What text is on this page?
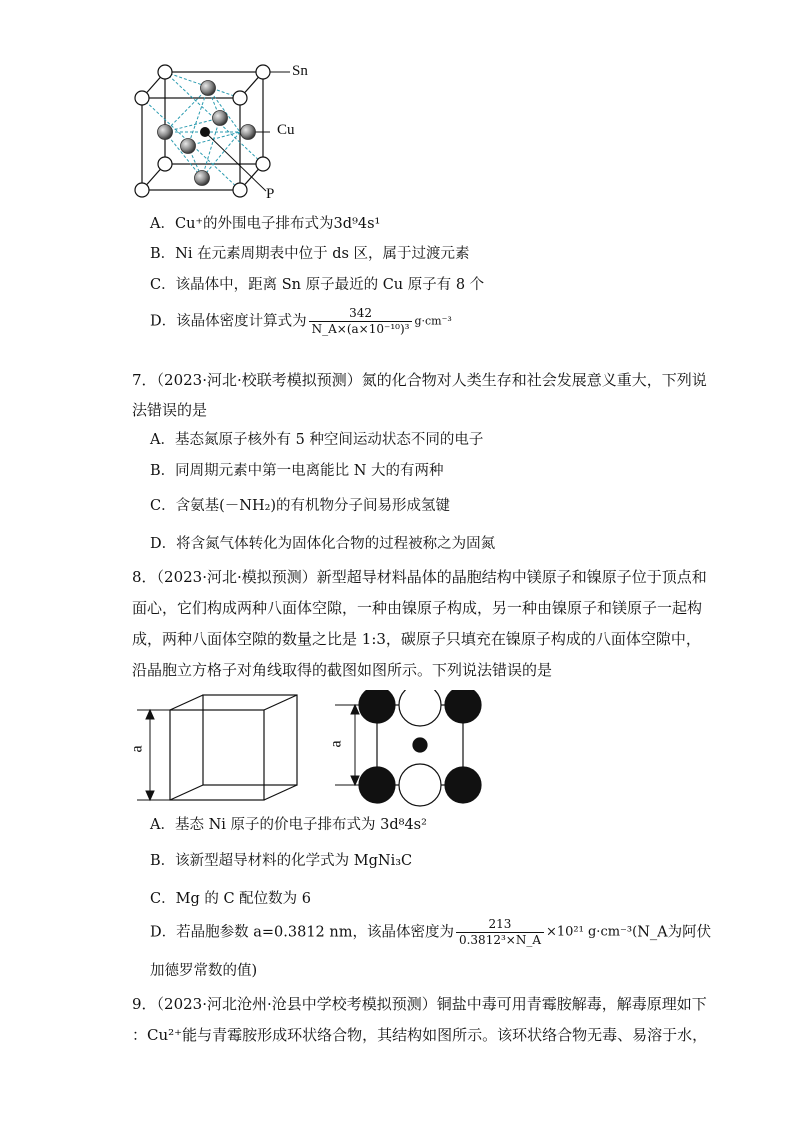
Sn
Cu
P
A．Cu⁺的外围电子排布式为3d⁹4s¹
B．Ni 在元素周期表中位于 ds 区，属于过渡元素
C．该晶体中，距离 Sn 原子最近的 Cu 原子有 8 个
D．该晶体密度计算式为 $\frac{342}{\text{N\_A×(a×10⁻¹⁰)³}} g\cdot cm^{-3}$
7．（2023·河北·校联考模拟预测）氮的化合物对人类生存和社会发展意义重大，下列说
法错误的是
A．基态氮原子核外有 5 种空间运动状态不同的电子
B．同周期元素中第一电离能比 N 大的有两种
C．含氨基(－NH₂)的有机物分子间易形成氢键
D．将含氮气体转化为固体化合物的过程被称之为固氮
8．（2023·河北·模拟预测）新型超导材料晶体的晶胞结构中镁原子和镍原子位于顶点和
面心，它们构成两种八面体空隙，一种由镍原子构成，另一种由镍原子和镁原子一起构
成，两种八面体空隙的数量之比是 1:3，碳原子只填充在镍原子构成的八面体空隙中，
沿晶胞立方格子对角线取得的截图如图所示。下列说法错误的是
a
a
A．基态 Ni 原子的价电子排布式为 3d⁸4s²
B．该新型超导材料的化学式为 MgNi₃C
C．Mg 的 C 配位数为 6
D．若晶胞参数 a=0.3812 nm，该晶体密度为 $\frac{213}{\text{0.3812³×N\_A}} \times 10^{21}$ g·cm⁻³(N_A为阿伏
加德罗常数的值)
9．（2023·河北沧州·沧县中学校考模拟预测）铜盐中毒可用青霉胺解毒，解毒原理如下
：Cu²⁺能与青霉胺形成环状络合物，其结构如图所示。该环状络合物无毒、易溶于水，
